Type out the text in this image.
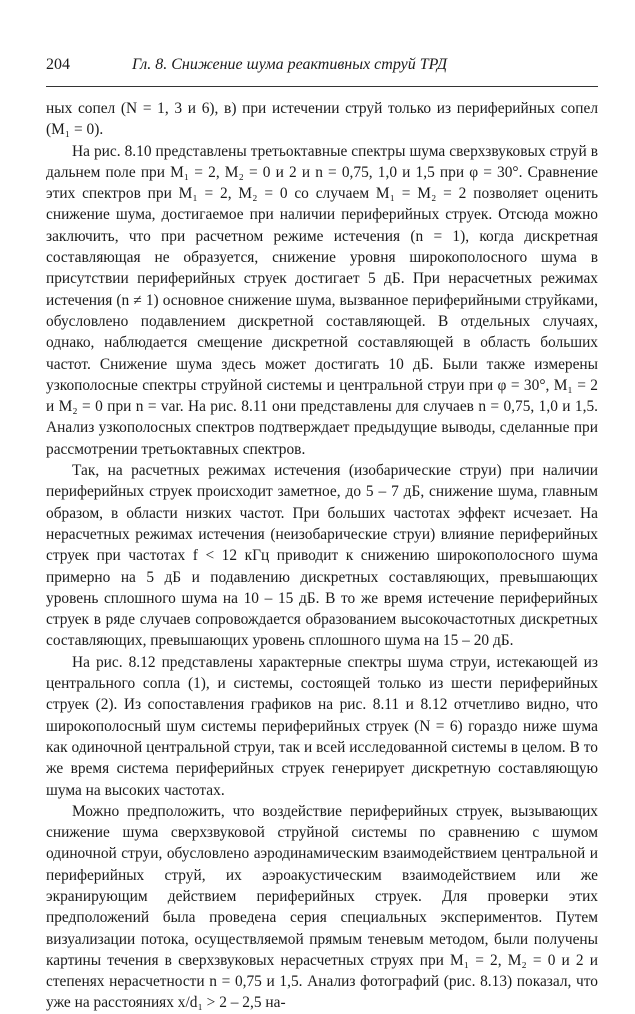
204	Гл. 8. Снижение шума реактивных струй ТРД

ных сопел (N = 1, 3 и 6), в) при истечении струй только из периферийных сопел (M₁ = 0).

На рис. 8.10 представлены третьоктавные спектры шума сверхзвуковых струй в дальнем поле при M₁ = 2, M₂ = 0 и 2 и n = 0,75, 1,0 и 1,5 при φ = 30°. Сравнение этих спектров при M₁ = 2, M₂ = 0 со случаем M₁ = M₂ = 2 позволяет оценить снижение шума, достигаемое при наличии периферийных струек. Отсюда можно заключить, что при расчетном режиме истечения (n = 1), когда дискретная составляющая не образуется, снижение уровня широкополосного шума в присутствии периферийных струек достигает 5 дБ. При нерасчетных режимах истечения (n ≠ 1) основное снижение шума, вызванное периферийными струйками, обусловлено подавлением дискретной составляющей. В отдельных случаях, однако, наблюдается смещение дискретной составляющей в область больших частот. Снижение шума здесь может достигать 10 дБ. Были также измерены узкополосные спектры струйной системы и центральной струи при φ = 30°, M₁ = 2 и M₂ = 0 при n = var. На рис. 8.11 они представлены для случаев n = 0,75, 1,0 и 1,5. Анализ узкополосных спектров подтверждает предыдущие выводы, сделанные при рассмотрении третьоктавных спектров.

Так, на расчетных режимах истечения (изобарические струи) при наличии периферийных струек происходит заметное, до 5 – 7 дБ, снижение шума, главным образом, в области низких частот. При больших частотах эффект исчезает. На нерасчетных режимах истечения (неизобарические струи) влияние периферийных струек при частотах f < 12 кГц приводит к снижению широкополосного шума примерно на 5 дБ и подавлению дискретных составляющих, превышающих уровень сплошного шума на 10 – 15 дБ. В то же время истечение периферийных струек в ряде случаев сопровождается образованием высокочастотных дискретных составляющих, превышающих уровень сплошного шума на 15 – 20 дБ.

На рис. 8.12 представлены характерные спектры шума струи, истекающей из центрального сопла (1), и системы, состоящей только из шести периферийных струек (2). Из сопоставления графиков на рис. 8.11 и 8.12 отчетливо видно, что широкополосный шум системы периферийных струек (N = 6) гораздо ниже шума как одиночной центральной струи, так и всей исследованной системы в целом. В то же время система периферийных струек генерирует дискретную составляющую шума на высоких частотах.

Можно предположить, что воздействие периферийных струек, вызывающих снижение шума сверхзвуковой струйной системы по сравнению с шумом одиночной струи, обусловлено аэродинамическим взаимодействием центральной и периферийных струй, их аэроакустическим взаимодействием или же экранирующим действием периферийных струек. Для проверки этих предположений была проведена серия специальных экспериментов. Путем визуализации потока, осуществляемой прямым теневым методом, были получены картины течения в сверхзвуковых нерасчетных струях при M₁ = 2, M₂ = 0 и 2 и степенях нерасчетности n = 0,75 и 1,5. Анализ фотографий (рис. 8.13) показал, что уже на расстояниях x/d₁ > 2 – 2,5 на-
